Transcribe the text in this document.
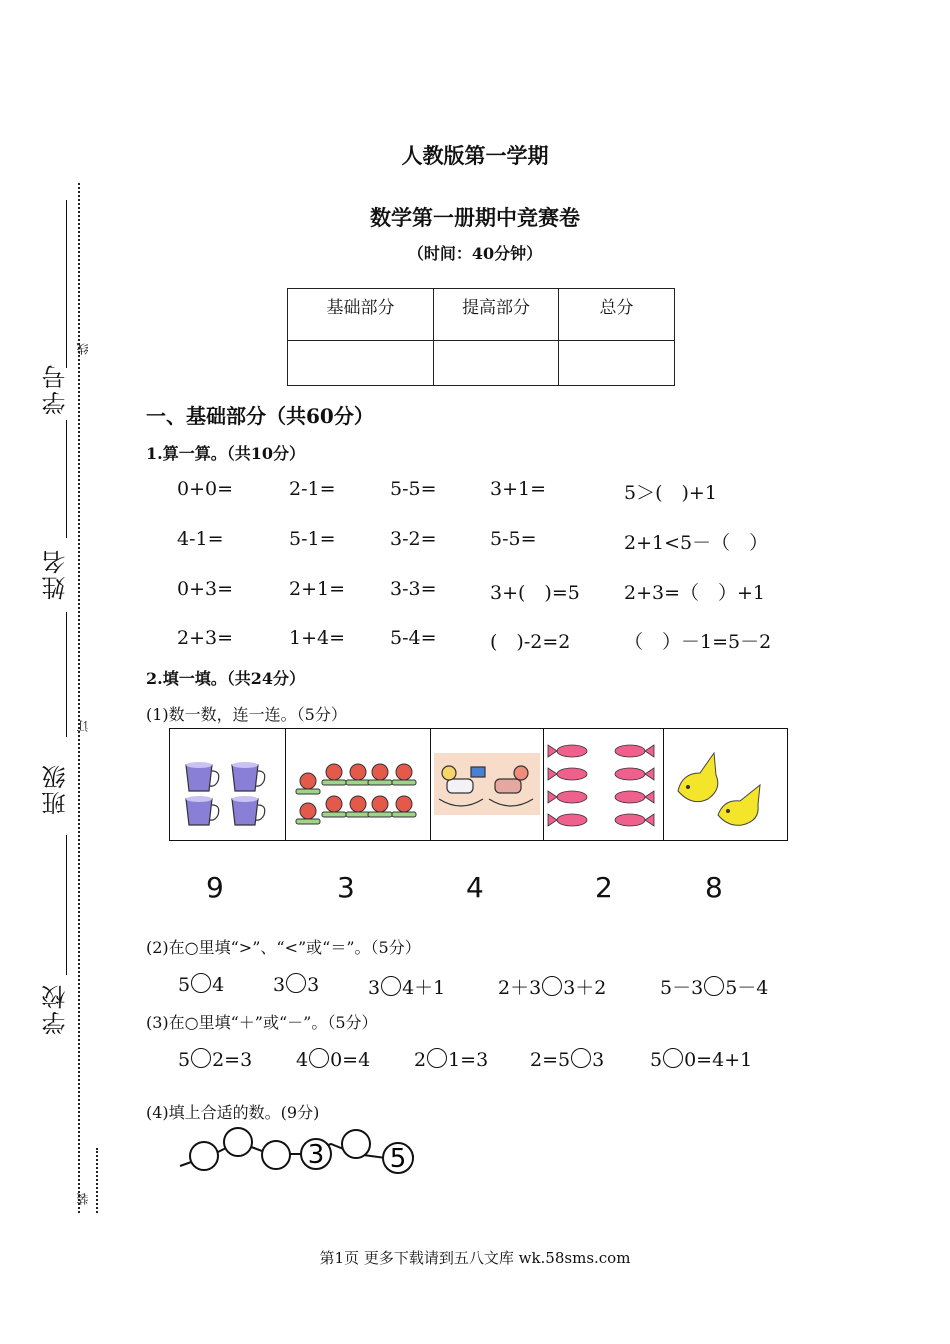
学号
线
姓名
订
班级
学校
装
人教版第一学期
数学第一册期中竞赛卷
（时间：40分钟）
基础部分	提高部分	总分

一、基础部分（共60分）
1.算一算。（共10分）
0+0=	2-1=	5-5=	3+1=	5＞(　)+1
4-1=	5-1=	3-2=	5-5=	2+1<5－（　）
0+3=	2+1= 3-3=	3+(　)=5 2+3=（　）+1
2+3=	1+4= 5-4=	(　)-2=2	（　）－1=5－2
2.填一填。（共24分）
(1)数一数，连一连。（5分）
9	3	4	2	8
(2)在○里填“>”、“<”或“＝”。（5分）
5 4	3 3	3 4＋1	2＋3 3＋2	5－3 5－4
(3)在○里填“＋”或“－”。（5分）
5 2=3 4 0=4 2 1=3 2=5 3 5 0=4+1
(4)填上合适的数。(9分)
3	5
第1页 更多下载请到五八文库 wk.58sms.com
